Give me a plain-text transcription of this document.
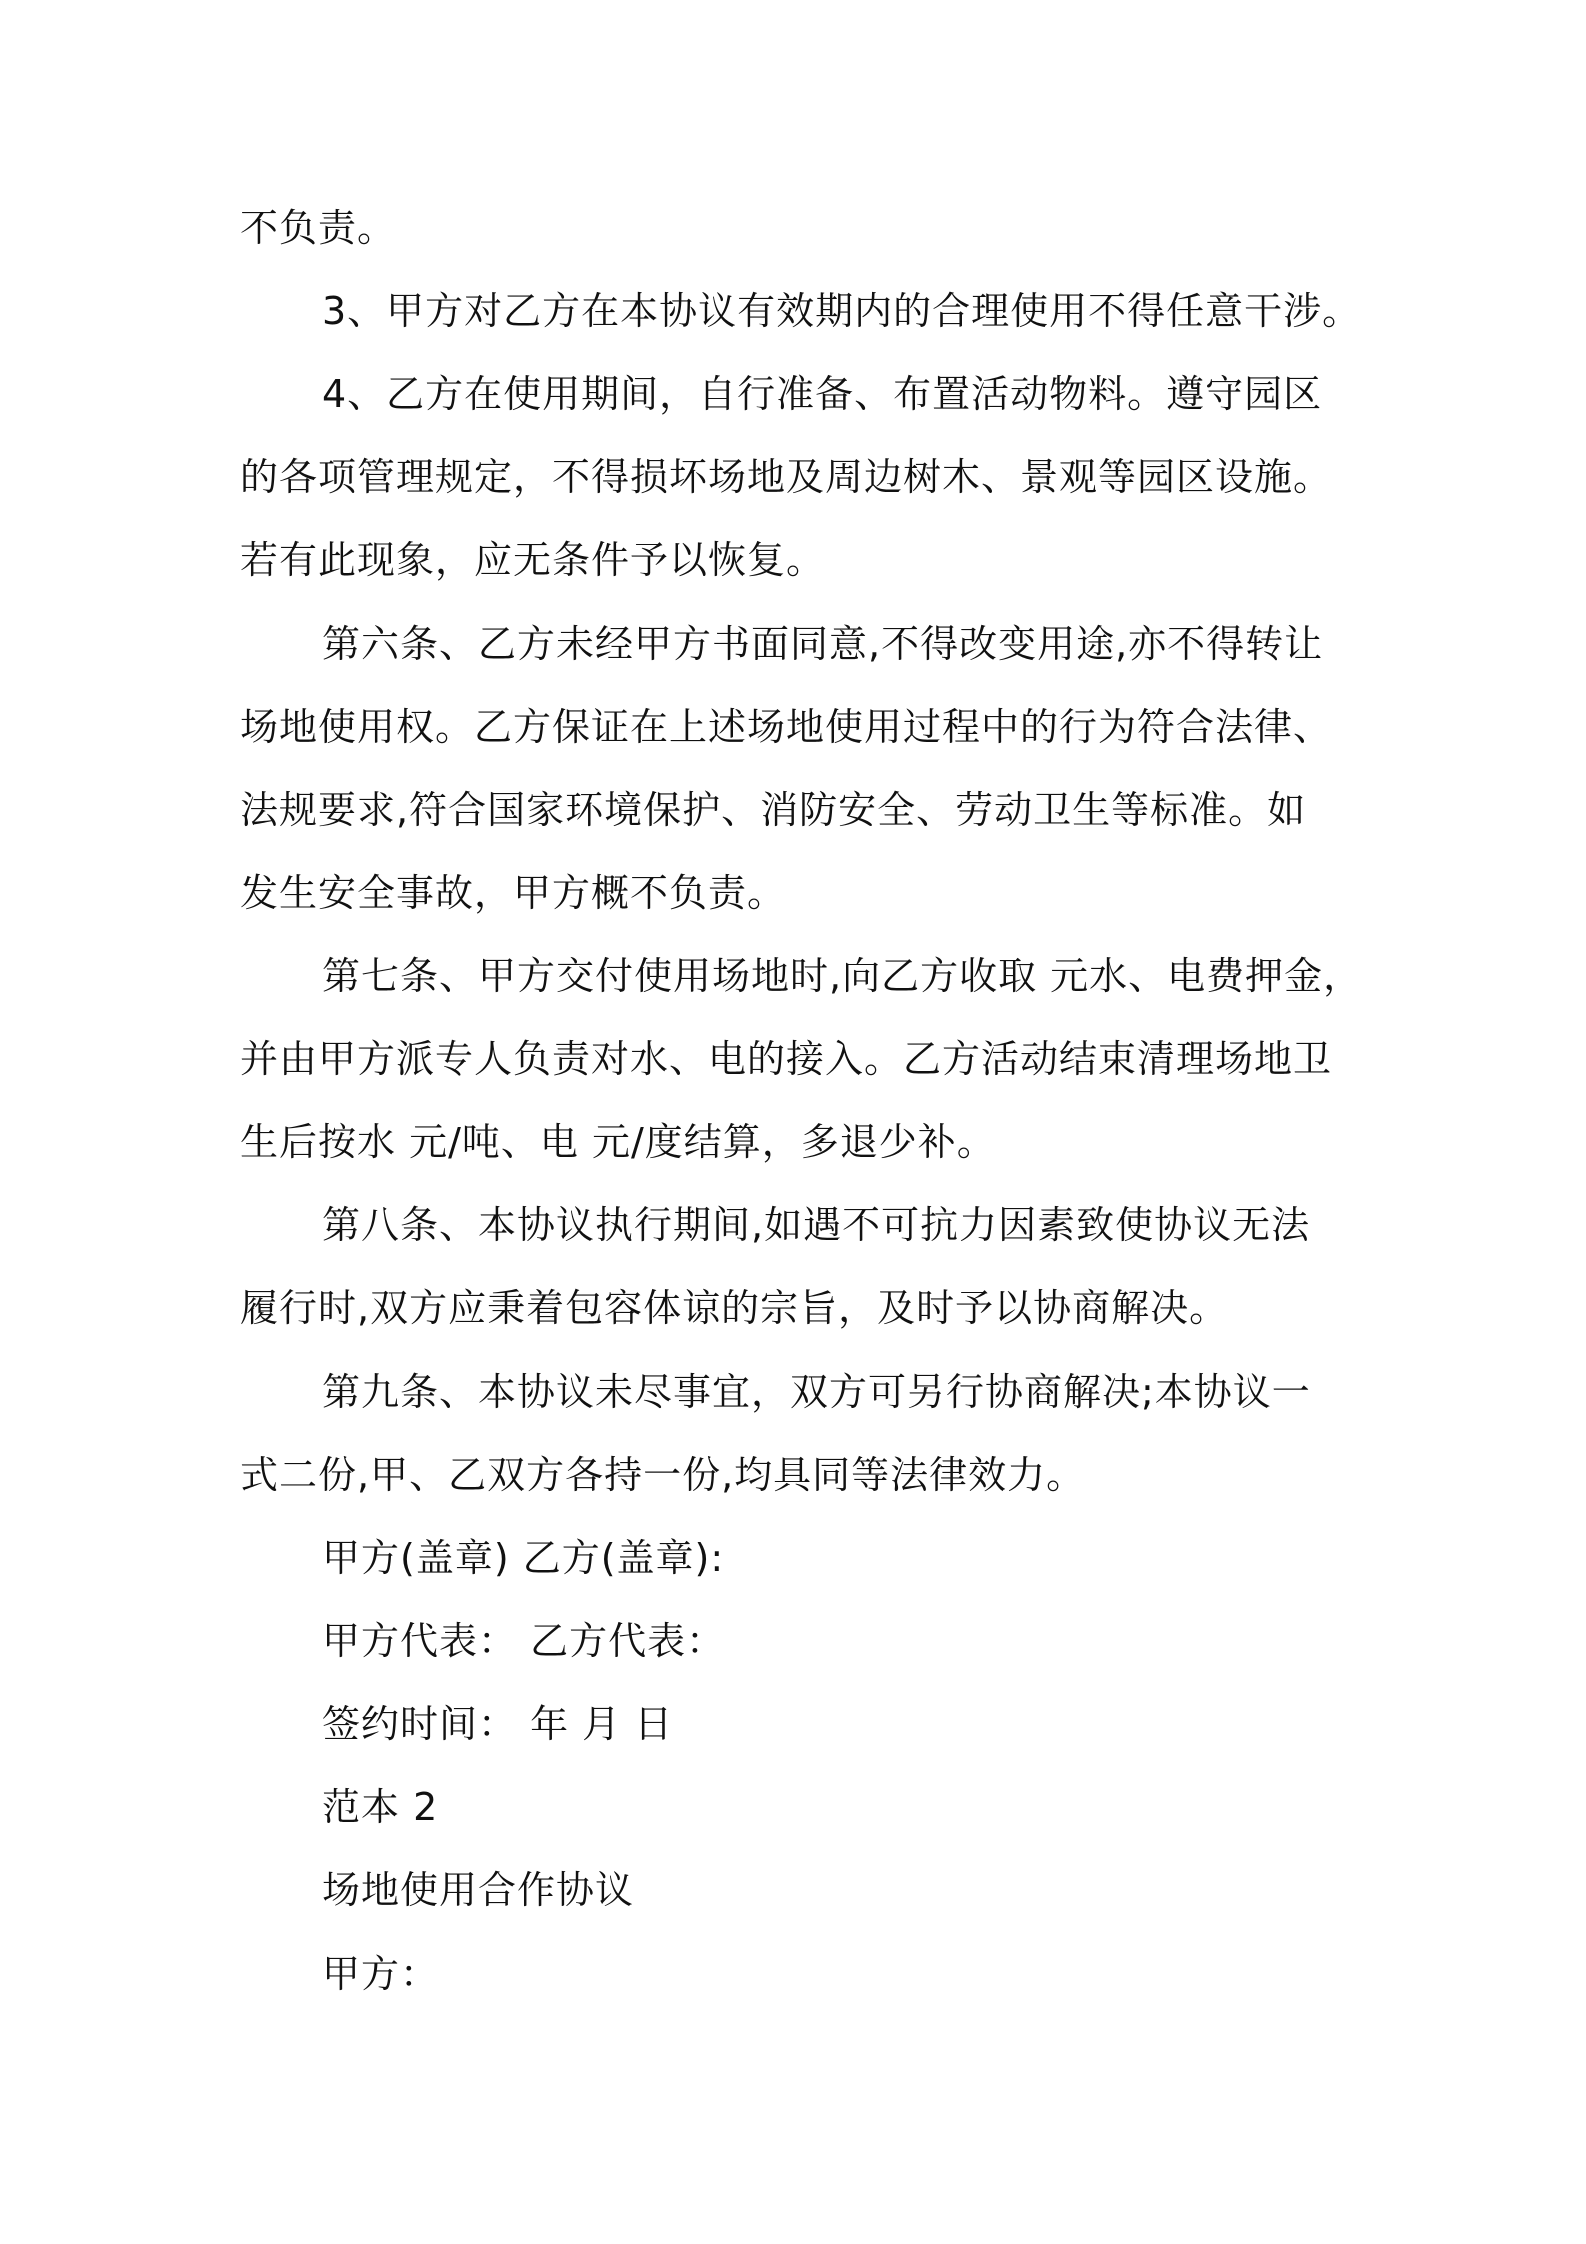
不负责。

3、甲方对乙方在本协议有效期内的合理使用不得任意干涉。

4、乙方在使用期间，自行准备、布置活动物料。遵守园区

的各项管理规定，不得损坏场地及周边树木、景观等园区设施。

若有此现象，应无条件予以恢复。

第六条、乙方未经甲方书面同意,不得改变用途,亦不得转让

场地使用权。乙方保证在上述场地使用过程中的行为符合法律、

法规要求,符合国家环境保护、消防安全、劳动卫生等标准。如

发生安全事故，甲方概不负责。

第七条、甲方交付使用场地时,向乙方收取 元水、电费押金，

并由甲方派专人负责对水、电的接入。乙方活动结束清理场地卫

生后按水 元/吨、电 元/度结算，多退少补。

第八条、本协议执行期间,如遇不可抗力因素致使协议无法

履行时,双方应秉着包容体谅的宗旨，及时予以协商解决。

第九条、本协议未尽事宜，双方可另行协商解决;本协议一

式二份,甲、乙双方各持一份,均具同等法律效力。

甲方(盖章) 乙方(盖章):

甲方代表： 乙方代表：

签约时间： 年 月 日

范本 2

场地使用合作协议

甲方：
